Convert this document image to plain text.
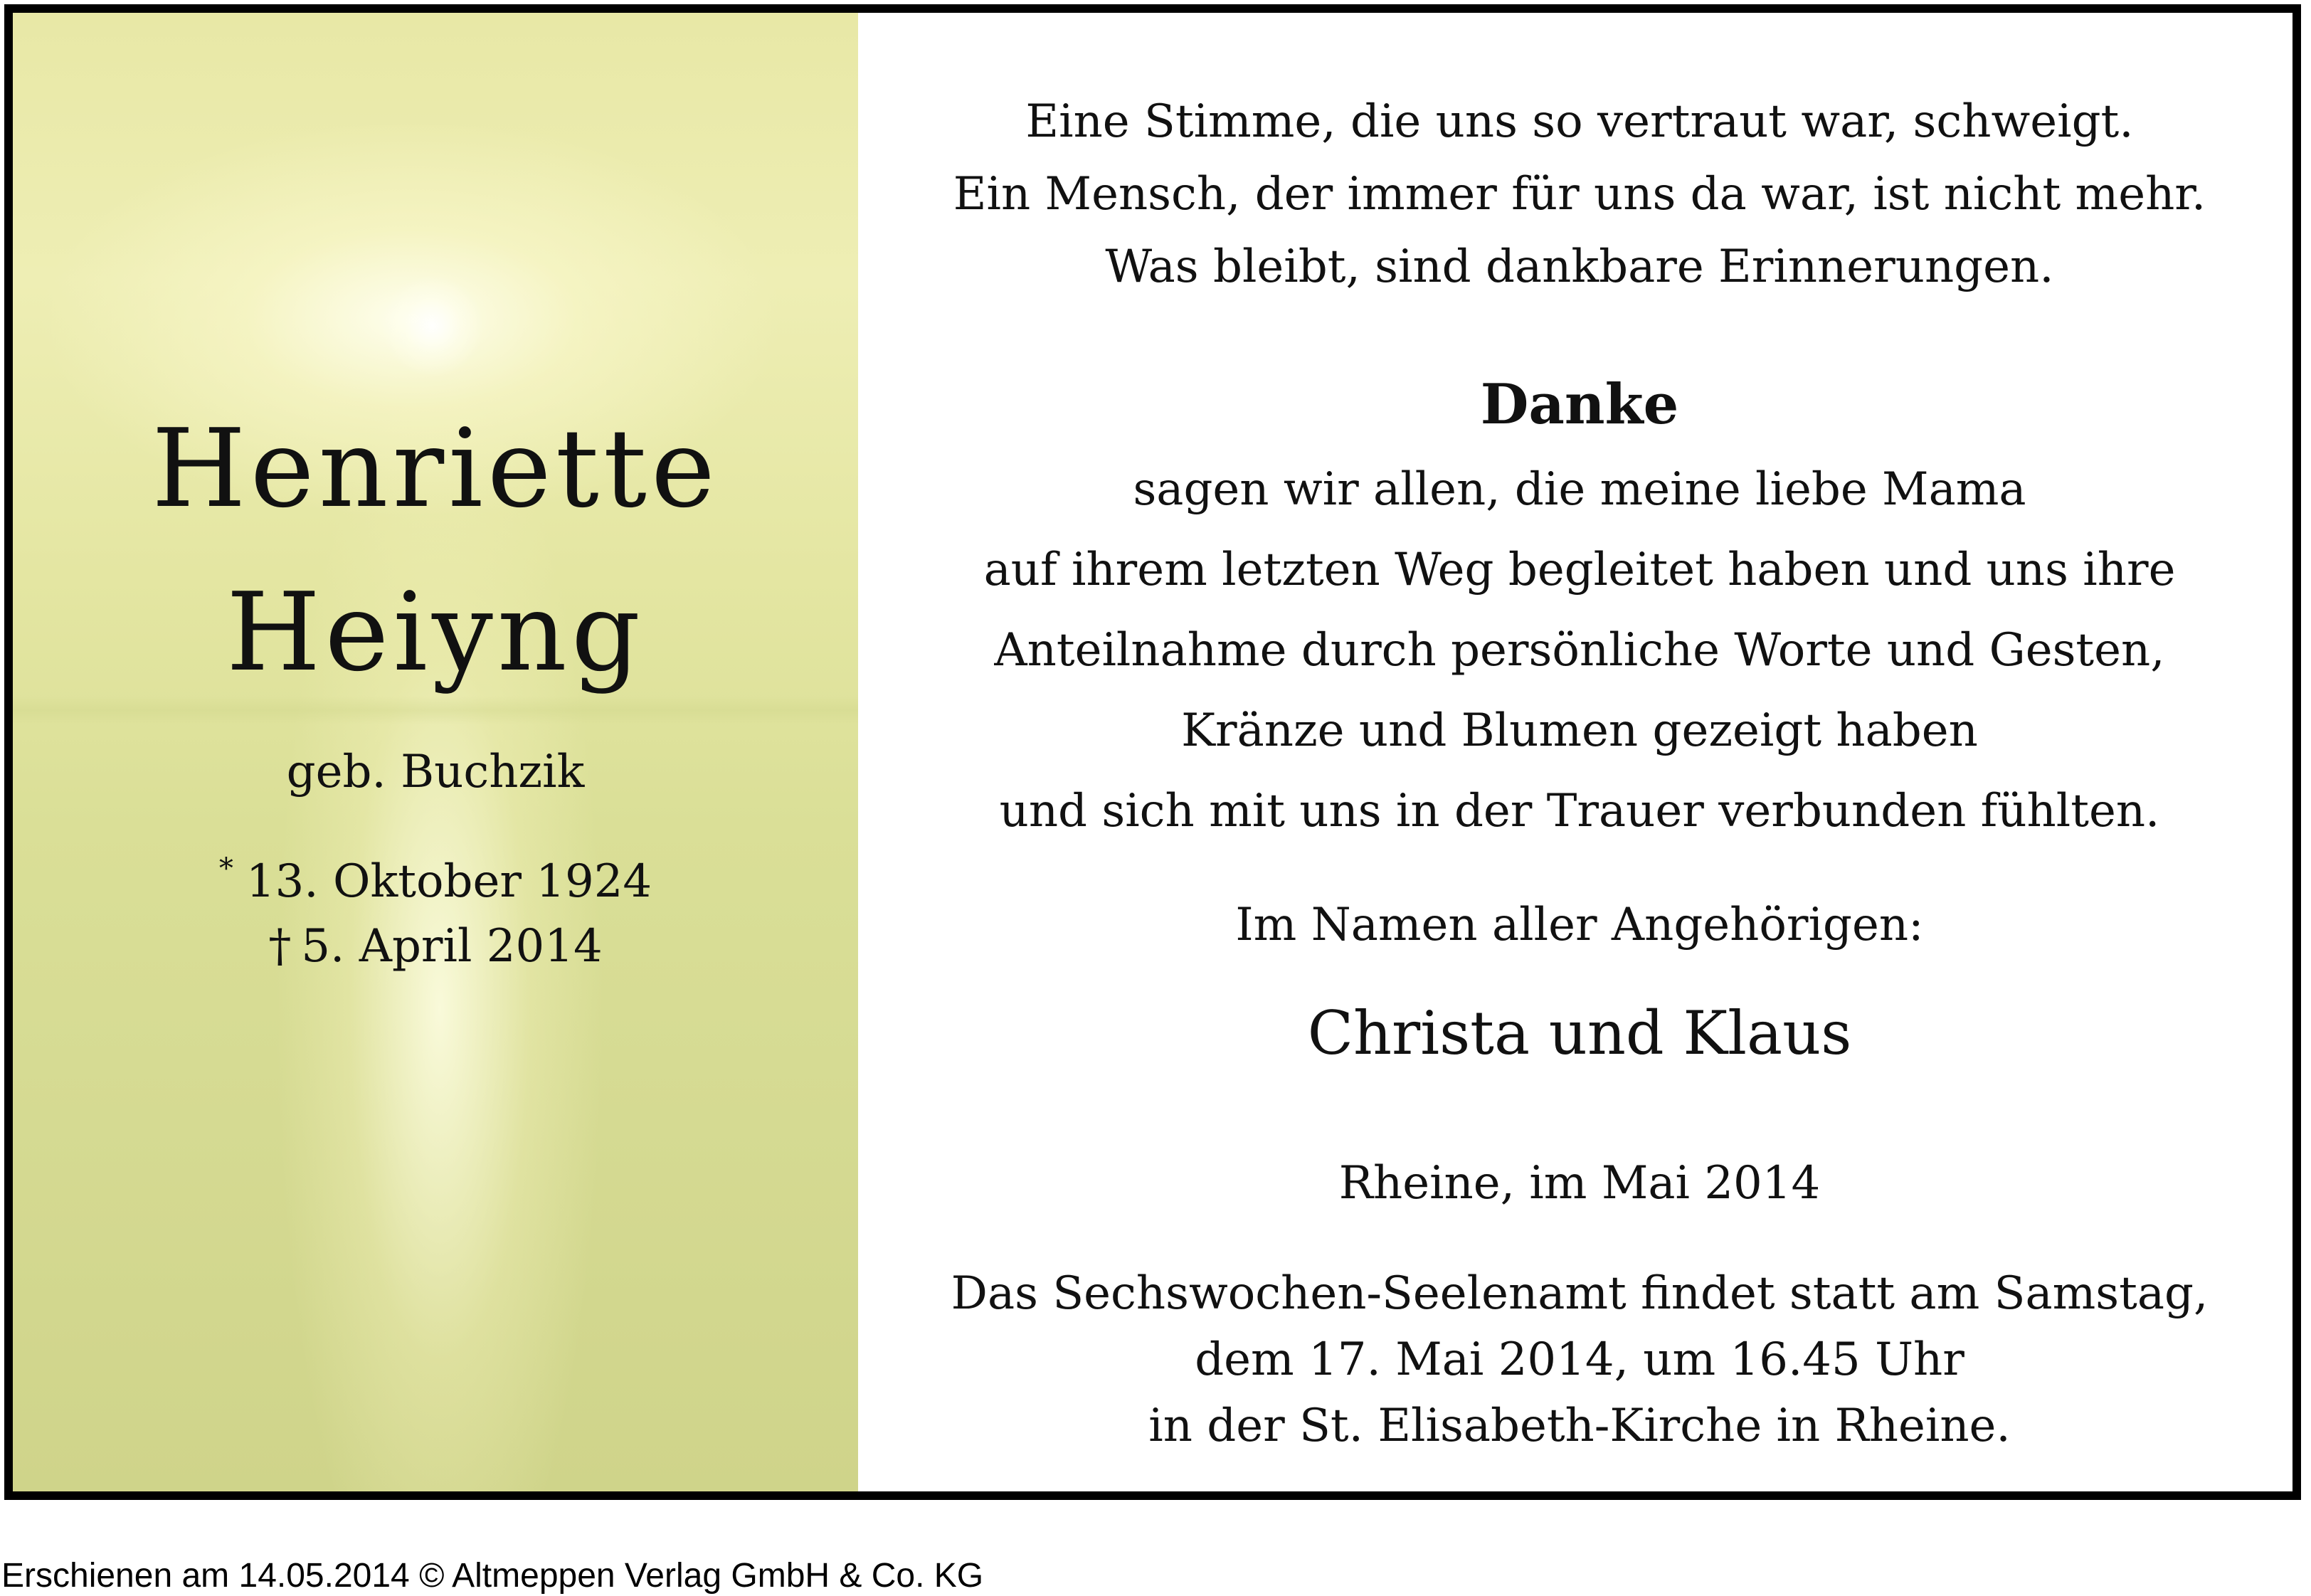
Henriette
Heiyng
geb. Buchzik
* 13. Oktober 1924
† 5. April 2014
Eine Stimme, die uns so vertraut war, schweigt.
Ein Mensch, der immer für uns da war, ist nicht mehr.
Was bleibt, sind dankbare Erinnerungen.
Danke
sagen wir allen, die meine liebe Mama
auf ihrem letzten Weg begleitet haben und uns ihre
Anteilnahme durch persönliche Worte und Gesten,
Kränze und Blumen gezeigt haben
und sich mit uns in der Trauer verbunden fühlten.
Im Namen aller Angehörigen:
Christa und Klaus
Rheine, im Mai 2014
Das Sechswochen-Seelenamt findet statt am Samstag,
dem 17. Mai 2014, um 16.45 Uhr
in der St. Elisabeth-Kirche in Rheine.
Erschienen am 14.05.2014 © Altmeppen Verlag GmbH & Co. KG
